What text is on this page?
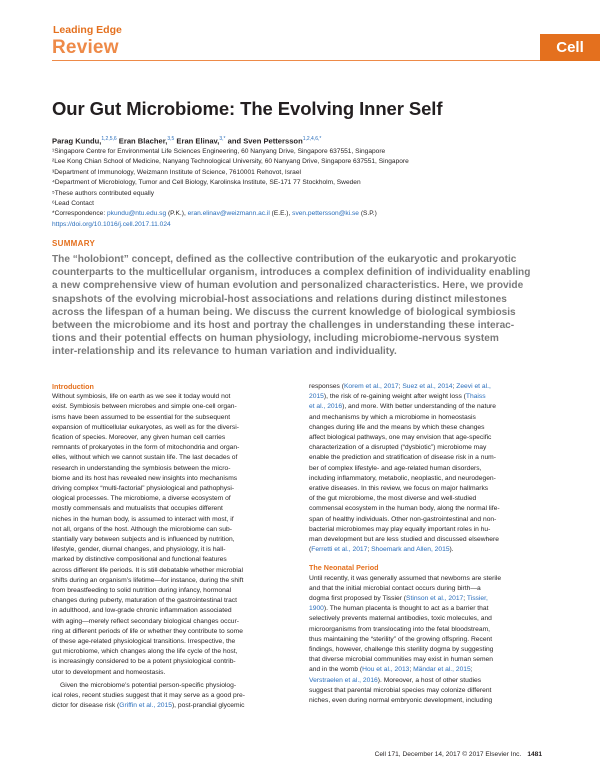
Leading Edge
Review	Cell
Our Gut Microbiome: The Evolving Inner Self
Parag Kundu,$^{1,2,5,6}$ Eran Blacher,$^{3,5}$ Eran Elinav,$^{3,*}$ and Sven Pettersson$^{1,2,4,6,*}$
¹Singapore Centre for Environmental Life Sciences Engineering, 60 Nanyang Drive, Singapore 637551, Singapore
²Lee Kong Chian School of Medicine, Nanyang Technological University, 60 Nanyang Drive, Singapore 637551, Singapore
³Department of Immunology, Weizmann Institute of Science, 7610001 Rehovot, Israel
⁴Department of Microbiology, Tumor and Cell Biology, Karolinska Institute, SE-171 77 Stockholm, Sweden
⁵These authors contributed equally
⁶Lead Contact
*Correspondence: pkundu@ntu.edu.sg (P.K.), eran.elinav@weizmann.ac.il (E.E.), sven.pettersson@ki.se (S.P.)
https://doi.org/10.1016/j.cell.2017.11.024
SUMMARY
The “holobiont” concept, defined as the collective contribution of the eukaryotic and prokaryotic
counterparts to the multicellular organism, introduces a complex definition of individuality enabling
a new comprehensive view of human evolution and personalized characteristics. Here, we provide
snapshots of the evolving microbial-host associations and relations during distinct milestones
across the lifespan of a human being. We discuss the current knowledge of biological symbiosis
between the microbiome and its host and portray the challenges in understanding these interac-
tions and their potential effects on human physiology, including microbiome-nervous system
inter-relationship and its relevance to human variation and individuality.
Introduction
Without symbiosis, life on earth as we see it today would not
exist. Symbiosis between microbes and simple one-cell organ-
isms have been assumed to be essential for the subsequent
expansion of multicellular eukaryotes, as well as for the diversi-
fication of species. Moreover, any given human cell carries
remnants of prokaryotes in the form of mitochondria and organ-
elles, without which we cannot sustain life. The last decades of
research in understanding the symbiosis between the micro-
biome and its host has revealed new insights into mechanisms
driving complex “multi-factorial” physiological and pathophysi-
ological processes. The microbiome, a diverse ecosystem of
mostly commensals and mutualists that occupies different
niches in the human body, is assumed to interact with most, if
not all, organs of the host. Although the microbiome can sub-
stantially vary between subjects and is influenced by nutrition,
lifestyle, gender, diurnal changes, and physiology, it is hall-
marked by distinctive compositional and functional features
across different life periods. It is still debatable whether microbial
shifts during an organism’s lifetime—for instance, during the shift
from breastfeeding to solid nutrition during infancy, hormonal
changes during puberty, maturation of the gastrointestinal tract
in adulthood, and low-grade chronic inflammation associated
with aging—merely reflect secondary biological changes occur-
ring at different periods of life or whether they contribute to some
of these age-related physiological transitions. Irrespective, the
gut microbiome, which changes along the life cycle of the host,
is increasingly considered to be a potent physiological contrib-
utor to development and homeostasis.
Given the microbiome’s potential person-specific physiolog-
ical roles, recent studies suggest that it may serve as a good pre-
dictor for disease risk (Griffin et al., 2015), post-prandial glycemic
responses (Korem et al., 2017; Suez et al., 2014; Zeevi et al.,
2015), the risk of re-gaining weight after weight loss (Thaiss
et al., 2016), and more. With better understanding of the nature
and mechanisms by which a microbiome in homeostasis
changes during life and the means by which these changes
affect biological pathways, one may envision that age-specific
characterization of a disrupted (“dysbiotic”) microbiome may
enable the prediction and stratification of disease risk in a num-
ber of complex lifestyle- and age-related human disorders,
including inflammatory, metabolic, neoplastic, and neurodegen-
erative diseases. In this review, we focus on major hallmarks
of the gut microbiome, the most diverse and well-studied
commensal ecosystem in the human body, along the normal life-
span of healthy individuals. Other non-gastrointestinal and non-
bacterial microbiomes may play equally important roles in hu-
man development but are less studied and discussed elsewhere
(Ferretti et al., 2017; Shoemark and Allen, 2015).
The Neonatal Period
Until recently, it was generally assumed that newborns are sterile
and that the initial microbial contact occurs during birth—a
dogma first proposed by Tissier (Stinson et al., 2017; Tissier,
1900). The human placenta is thought to act as a barrier that
selectively prevents maternal antibodies, toxic molecules, and
microorganisms from translocating into the fetal bloodstream,
thus maintaining the “sterility” of the growing offspring. Recent
findings, however, challenge this sterility dogma by suggesting
that diverse microbial communities may exist in human semen
and in the womb (Hou et al., 2013; Mändar et al., 2015;
Verstraelen et al., 2016). Moreover, a host of other studies
suggest that parental microbial species may colonize different
niches, even during normal embryonic development, including
Cell 171, December 14, 2017 © 2017 Elsevier Inc. 1481
